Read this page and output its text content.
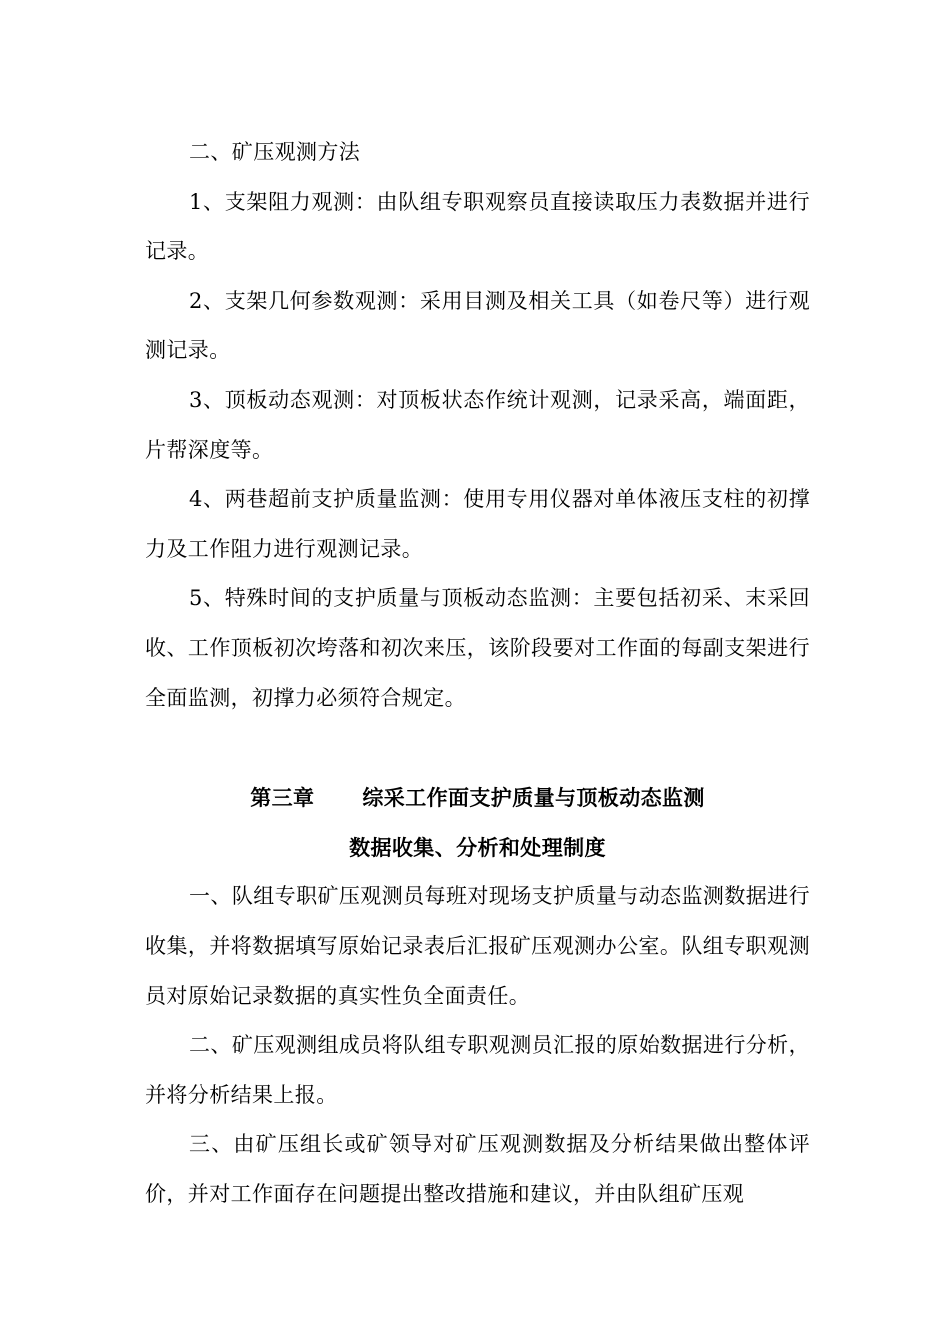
二、矿压观测方法

1、支架阻力观测：由队组专职观察员直接读取压力表数据并进行记录。

2、支架几何参数观测：采用目测及相关工具（如卷尺等）进行观测记录。

3、顶板动态观测：对顶板状态作统计观测，记录采高，端面距，片帮深度等。

4、两巷超前支护质量监测：使用专用仪器对单体液压支柱的初撑力及工作阻力进行观测记录。

5、特殊时间的支护质量与顶板动态监测：主要包括初采、末采回收、工作顶板初次垮落和初次来压，该阶段要对工作面的每副支架进行全面监测，初撑力必须符合规定。

第三章 综采工作面支护质量与顶板动态监测

数据收集、分析和处理制度

一、队组专职矿压观测员每班对现场支护质量与动态监测数据进行收集，并将数据填写原始记录表后汇报矿压观测办公室。队组专职观测员对原始记录数据的真实性负全面责任。

二、矿压观测组成员将队组专职观测员汇报的原始数据进行分析，并将分析结果上报。

三、由矿压组长或矿领导对矿压观测数据及分析结果做出整体评价，并对工作面存在问题提出整改措施和建议，并由队组矿压观
